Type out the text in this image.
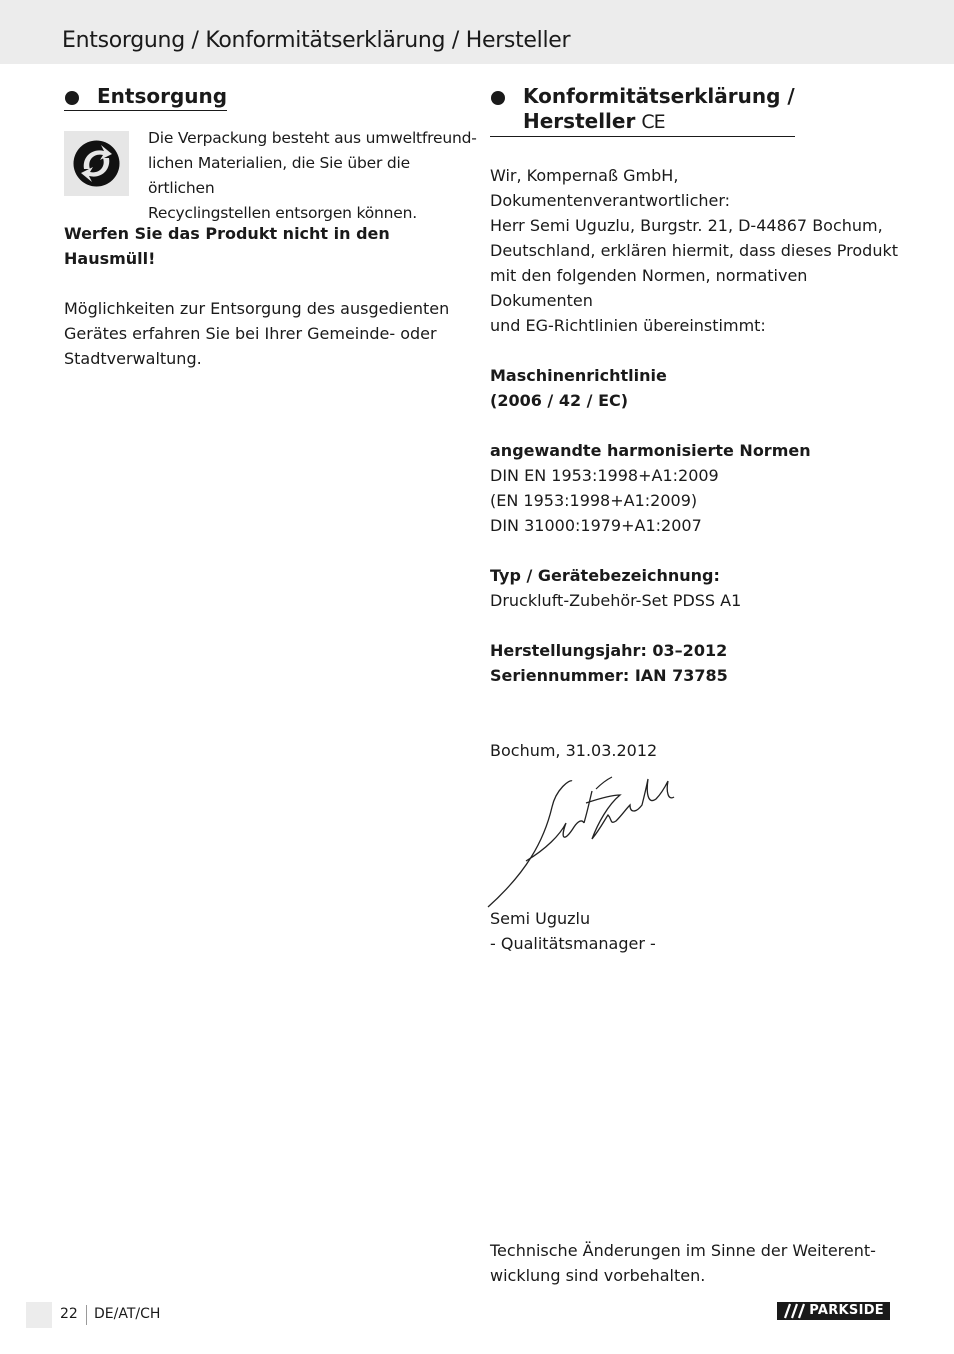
Entsorgung / Konformitätserklärung / Hersteller
Entsorgung

Die Verpackung besteht aus umweltfreund-

lichen Materialien, die Sie über die örtlichen

Recyclingstellen entsorgen können.

Werfen Sie das Produkt nicht in den

Hausmüll!

Möglichkeiten zur Entsorgung des ausgedienten

Gerätes erfahren Sie bei Ihrer Gemeinde- oder

Stadtverwaltung.

Konformitätserklärung /
Hersteller CE

Wir, Kompernaß GmbH, Dokumentenverantwortlicher:

Herr Semi Uguzlu, Burgstr. 21, D-44867 Bochum,

Deutschland, erklären hiermit, dass dieses Produkt

mit den folgenden Normen, normativen Dokumenten

und EG-Richtlinien übereinstimmt:

Maschinenrichtlinie

(2006 / 42 / EC)

angewandte harmonisierte Normen

DIN EN 1953:1998+A1:2009

(EN 1953:1998+A1:2009)

DIN 31000:1979+A1:2007

Typ / Gerätebezeichnung:

Druckluft-Zubehör-Set PDSS A1

Herstellungsjahr: 03–2012

Seriennummer: IAN 73785

Bochum, 31.03.2012

Semi Uguzlu

- Qualitätsmanager -

Technische Änderungen im Sinne der Weiterent-

wicklung sind vorbehalten.

22 DE/AT/CH	PARKSIDE
